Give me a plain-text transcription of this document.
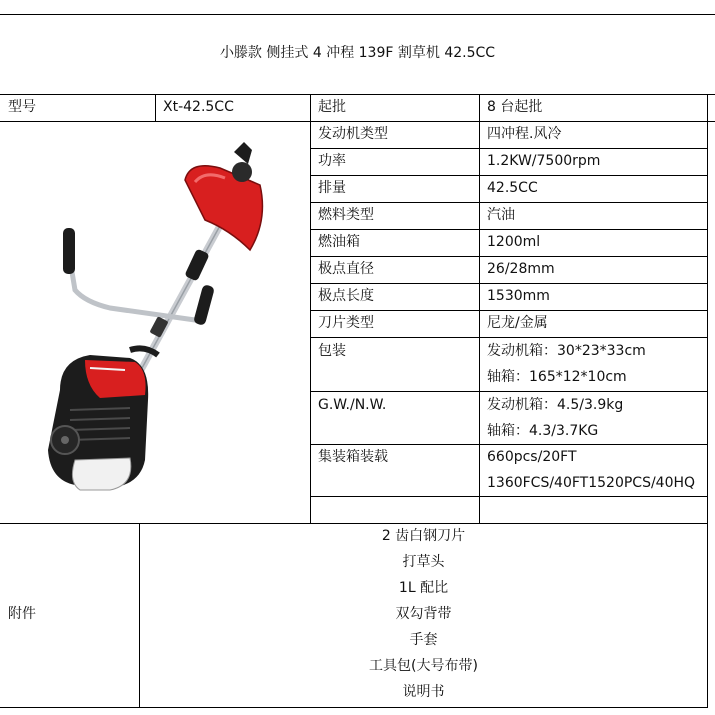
小滕款 侧挂式 4 冲程 139F 割草机 42.5CC
型号	Xt-42.5CC	起批	8 台起批
发动机类型	四冲程.风冷
功率	1.2KW/7500rpm
排量	42.5CC
燃料类型	汽油
燃油箱	1200ml
极点直径	26/28mm
极点长度	1530mm
刀片类型	尼龙/金属
包装	发动机箱：30*23*33cm
轴箱：165*12*10cm
G.W./N.W.	发动机箱：4.5/3.9kg
轴箱：4.3/3.7KG
集装箱装载	660pcs/20FT
1360FCS/40FT1520PCS/40HQ
附件
2 齿白钢刀片
打草头
1L 配比
双勾背带
手套
工具包(大号布带)
说明书
